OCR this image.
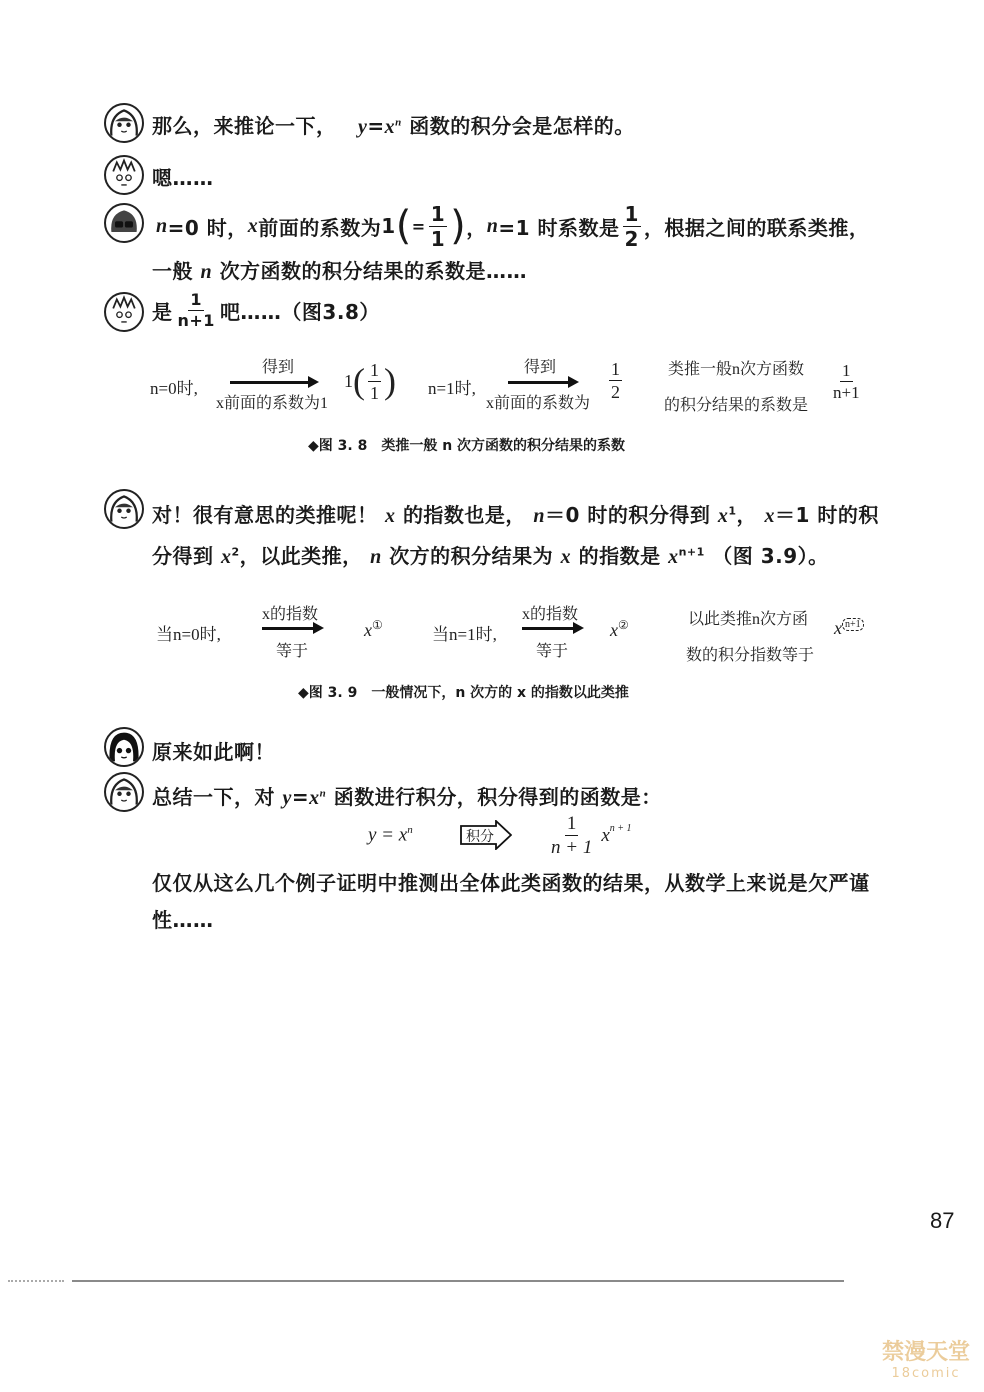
那么，来推论一下， $y=x^n$ 函数的积分会是怎样的。
嗯……
n =0 时， x 前面的系数为 1 ( = $\frac{1}{1}$ ) ， n =1 时系数是 $\frac{1}{2}$ ，根据之间的联系类推，
一般 n 次方函数的积分结果的系数是……
是 $\frac{1}{n+1}$ 吧……（图3.8）
n=0时,
得到
x前面的系数为1
1 ( $\frac{1}{1}$ ) n=1时,
得到
x前面的系数为
$\frac{1}{2}$	类推一般n次方函数
的积分结果的系数是
$\frac{1}{n+1}$
◆图 3. 8　类推一般 n 次方函数的积分结果的系数
对！很有意思的类推呢！ x 的指数也是， n＝0 时的积分得到 $x^1$， x＝1 时的积
分得到 $x^2$，以此类推， n 次方的积分结果为 x 的指数是 $x^{n+1}$ （图 3.9）。
当n=0时,
x的指数
等于
x①	当n=1时,
x的指数
等于
x②	以此类推n次方函
数的积分指数等于
x $^{n+1}$
◆图 3. 9　一般情况下，n 次方的 x 的指数以此类推
原来如此啊！
总结一下，对 $y=x^n$ 函数进行积分，积分得到的函数是：
$y = x^n$	积分	$\frac{1}{n + 1}$ x n + 1
仅仅从这么几个例子证明中推测出全体此类函数的结果，从数学上来说是欠严谨
性……
87
禁漫天堂
18comic
